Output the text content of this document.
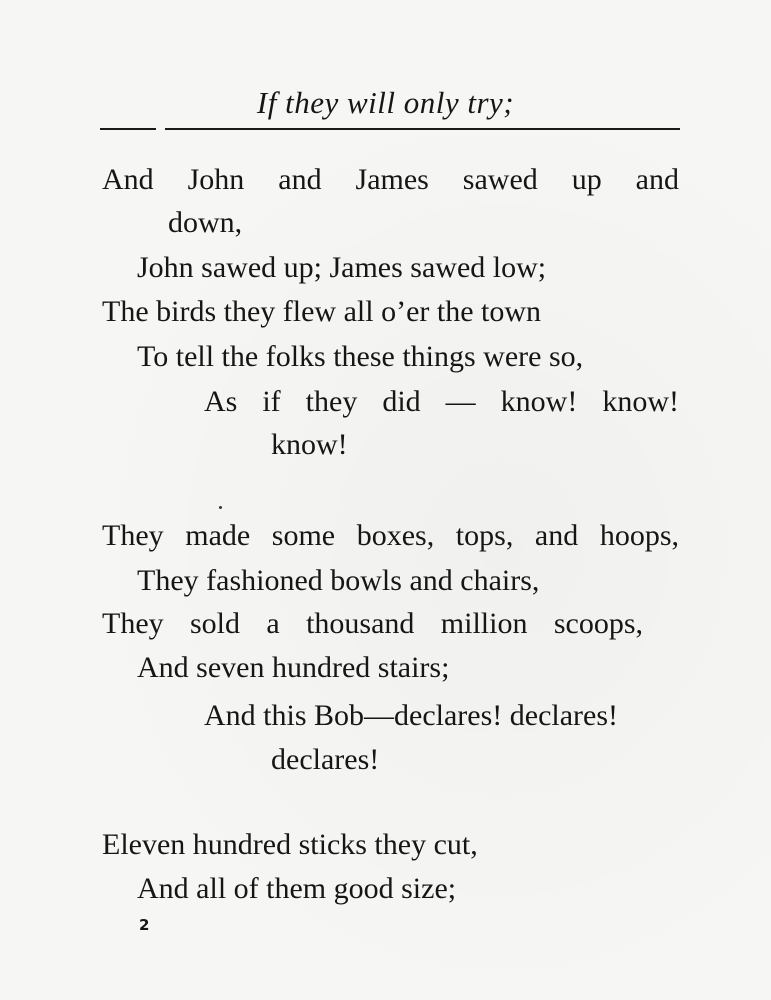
If they will only try;
And John and James sawed up and
down,
John sawed up; James sawed low;
The birds they flew all o’er the town
To tell the folks these things were so,
As if they did — know! know!
know!
They made some boxes, tops, and hoops,
They fashioned bowls and chairs,
They sold a thousand million scoops,
And seven hundred stairs;
And this Bob—declares! declares!
declares!
Eleven hundred sticks they cut,
And all of them good size;
2
